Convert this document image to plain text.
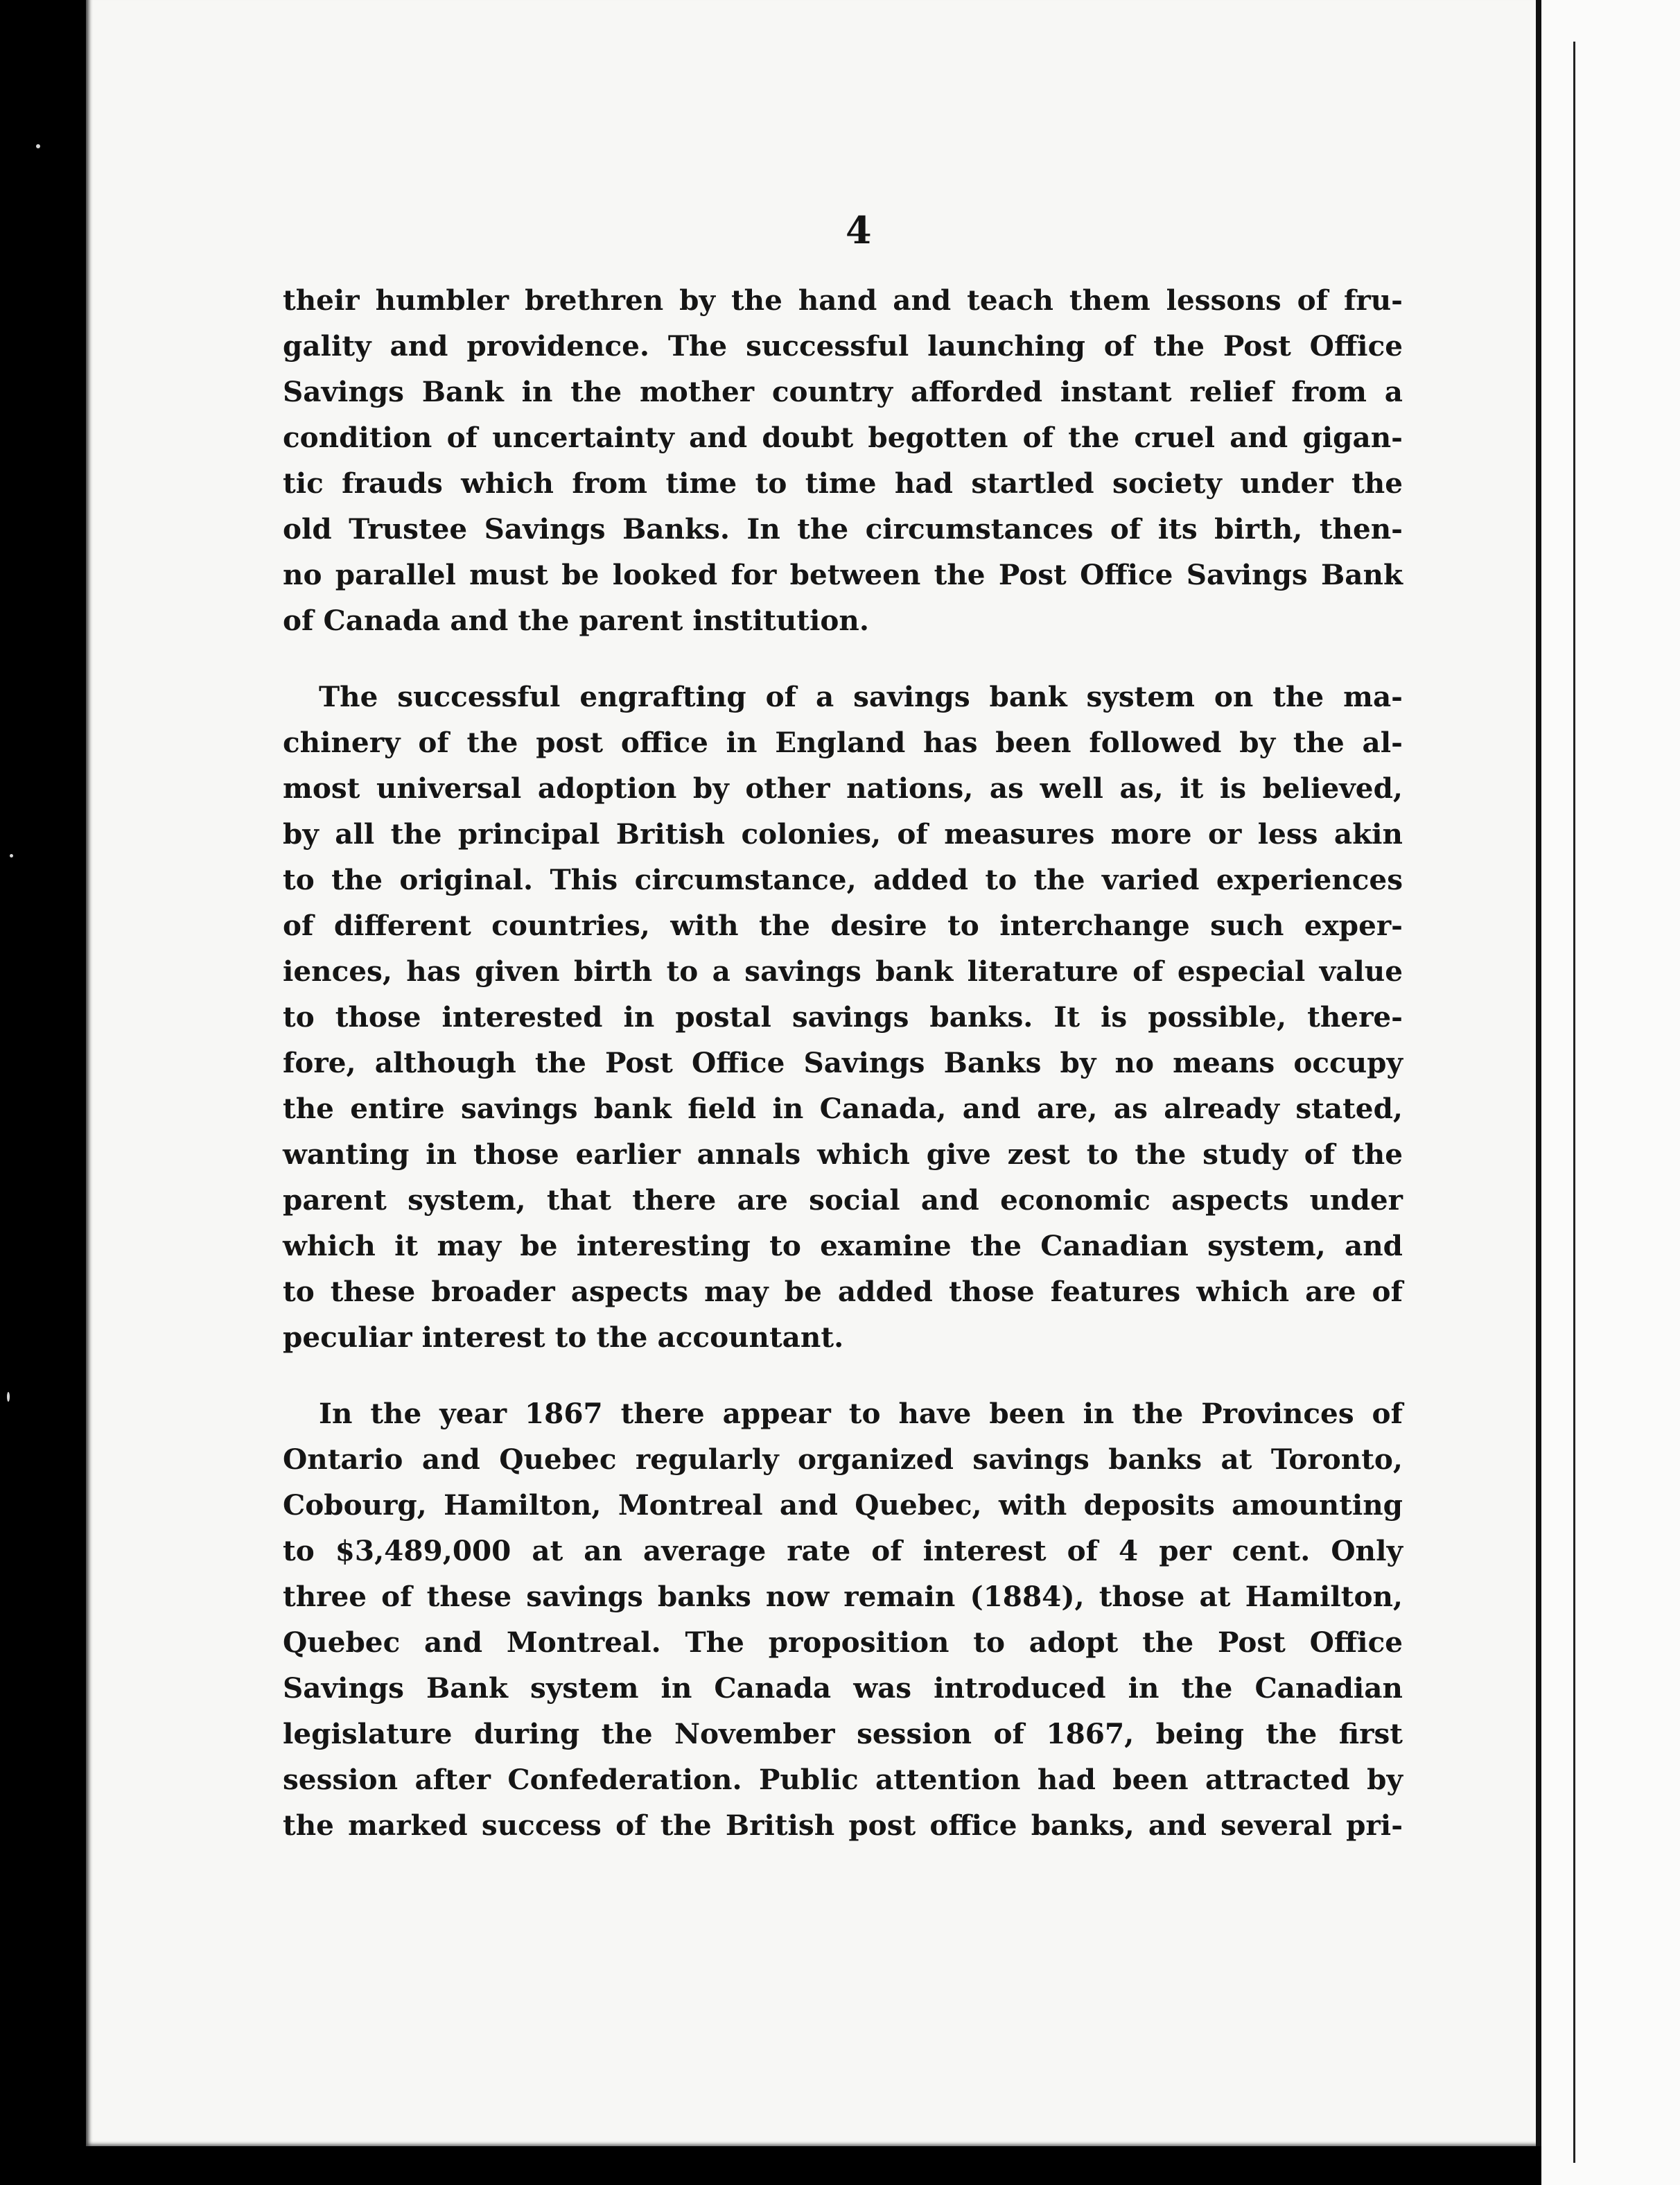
4
their humbler brethren by the hand and teach them lessons of fru-
gality and providence. The successful launching of the Post Office
Savings Bank in the mother country afforded instant relief from a
condition of uncertainty and doubt begotten of the cruel and gigan-
tic frauds which from time to time had startled society under the
old Trustee Savings Banks. In the circumstances of its birth, then-
no parallel must be looked for between the Post Office Savings Bank
of Canada and the parent institution.
The successful engrafting of a savings bank system on the ma-
chinery of the post office in England has been followed by the al-
most universal adoption by other nations, as well as, it is believed,
by all the principal British colonies, of measures more or less akin
to the original. This circumstance, added to the varied experiences
of different countries, with the desire to interchange such exper-
iences, has given birth to a savings bank literature of especial value
to those interested in postal savings banks. It is possible, there-
fore, although the Post Office Savings Banks by no means occupy
the entire savings bank field in Canada, and are, as already stated,
wanting in those earlier annals which give zest to the study of the
parent system, that there are social and economic aspects under
which it may be interesting to examine the Canadian system, and
to these broader aspects may be added those features which are of
peculiar interest to the accountant.
In the year 1867 there appear to have been in the Provinces of
Ontario and Quebec regularly organized savings banks at Toronto,
Cobourg, Hamilton, Montreal and Quebec, with deposits amounting
to $3,489,000 at an average rate of interest of 4 per cent. Only
three of these savings banks now remain (1884), those at Hamilton,
Quebec and Montreal. The proposition to adopt the Post Office
Savings Bank system in Canada was introduced in the Canadian
legislature during the November session of 1867, being the first
session after Confederation. Public attention had been attracted by
the marked success of the British post office banks, and several pri-
